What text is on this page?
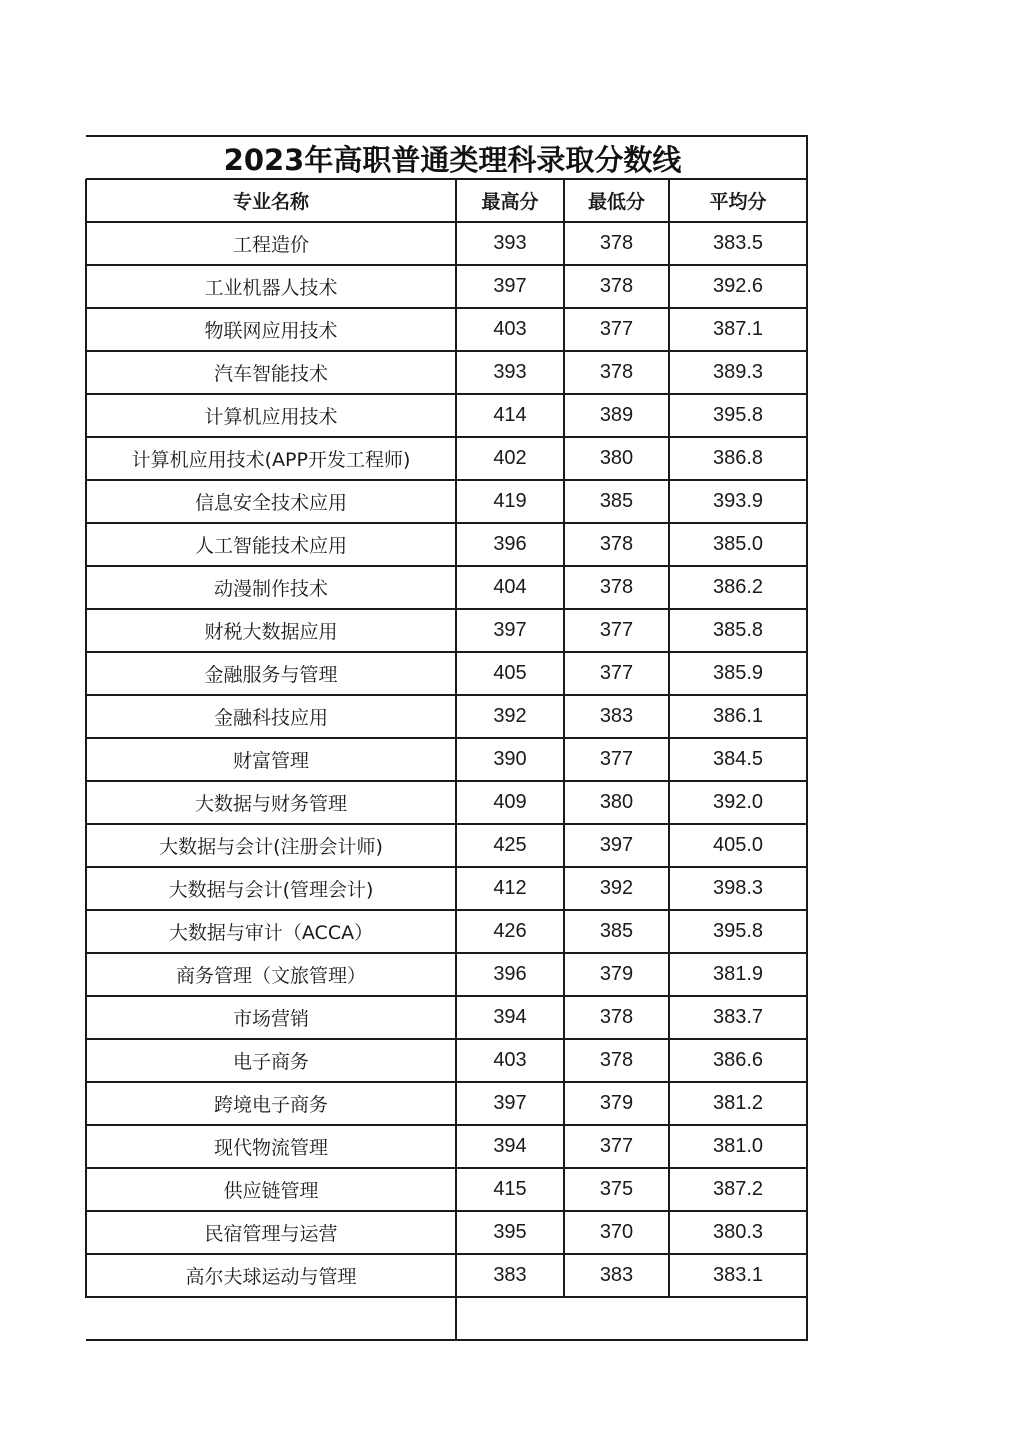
2023年高职普通类理科录取分数线
专业名称	最高分	最低分	平均分
工程造价	393	378	383.5
工业机器人技术	397	378	392.6
物联网应用技术	403	377	387.1
汽车智能技术	393	378	389.3
计算机应用技术	414	389	395.8
计算机应用技术(APP开发工程师)	402	380	386.8
信息安全技术应用	419	385	393.9
人工智能技术应用	396	378	385.0
动漫制作技术	404	378	386.2
财税大数据应用	397	377	385.8
金融服务与管理	405	377	385.9
金融科技应用	392	383	386.1
财富管理	390	377	384.5
大数据与财务管理	409	380	392.0
大数据与会计(注册会计师)	425	397	405.0
大数据与会计(管理会计)	412	392	398.3
大数据与审计（ACCA）	426	385	395.8
商务管理（文旅管理）	396	379	381.9
市场营销	394	378	383.7
电子商务	403	378	386.6
跨境电子商务	397	379	381.2
现代物流管理	394	377	381.0
供应链管理	415	375	387.2
民宿管理与运营	395	370	380.3
高尔夫球运动与管理	383	383	383.1
